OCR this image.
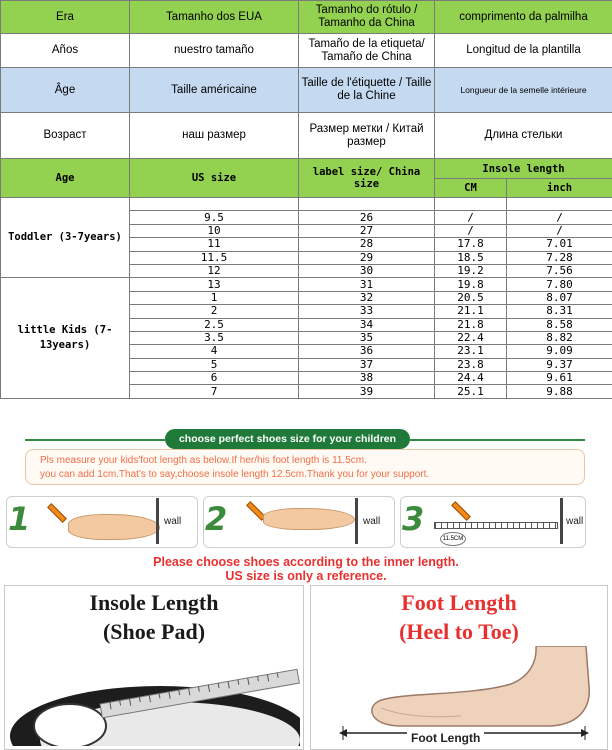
Era	Tamanho dos EUA	Tamanho do rótulo / Tamanho da China	comprimento da palmilha
Años	nuestro tamaño	Tamaño de la etiqueta/ Tamaño de China	Longitud de la plantilla
Âge	Taille américaine	Taille de l'étiquette / Taille de la Chine	Longueur de la semelle intérieure
Возраст	наш размер	Размер метки / Китай размер	Длина стельки
Age	US size	label size/ China size	Insole length	
			CM	inch
Toddler (3-7years)				
	9.5	26	/	/
	10	27	/	/
	11	28	17.8	7.01
	11.5	29	18.5	7.28
	12	30	19.2	7.56
little Kids (7-13years)	13	31	19.8	7.80
	1	32	20.5	8.07
	2	33	21.1	8.31
	2.5	34	21.8	8.58
	3.5	35	22.4	8.82
	4	36	23.1	9.09
	5	37	23.8	9.37
	6	38	24.4	9.61
	7	39	25.1	9.88
choose perfect shoes size for your children
Pls measure your kids'foot length as below.If her/his foot length is 11.5cm.
you can add 1cm.That's to say,choose insole length 12.5cm.Thank you for your support.
1	wall 2	wall 3	wall
11.5CM
Please choose shoes according to the inner length.
US size is only a reference.
Insole Length
(Shoe Pad)
Foot Length
(Heel to Toe)
Foot Length
